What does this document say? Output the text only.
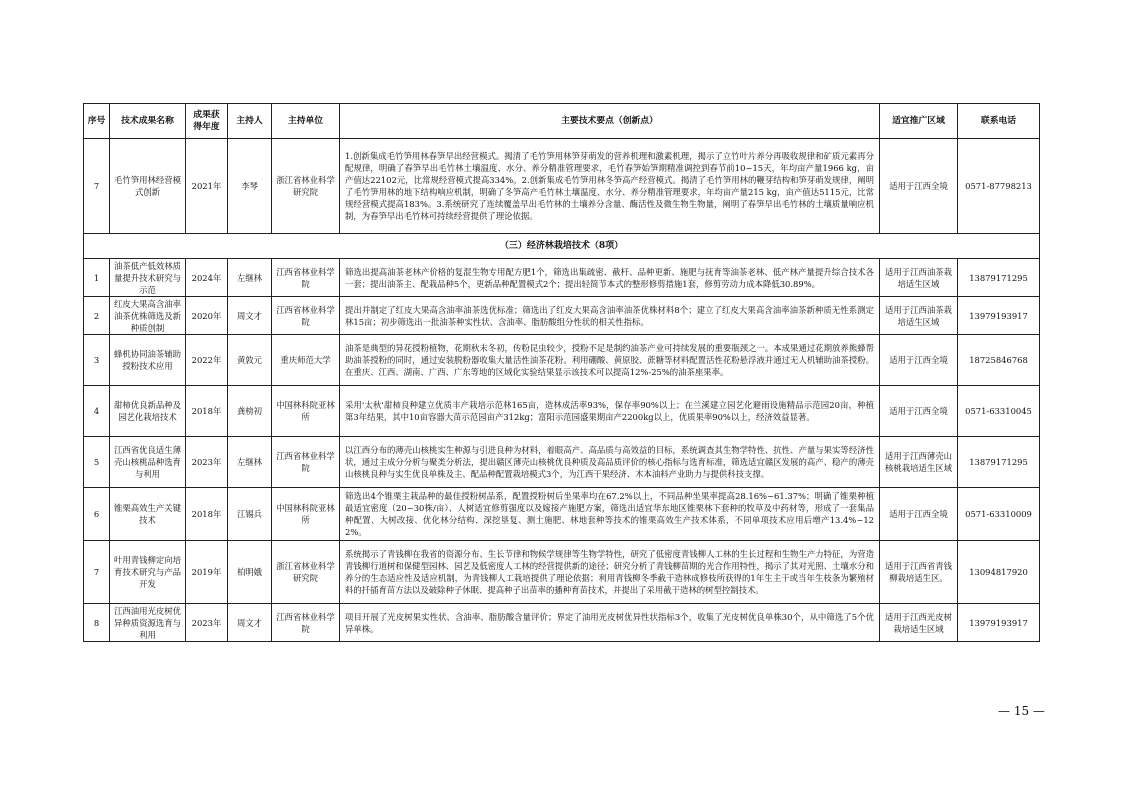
序号	技术成果名称	成果获得年度	主持人	主持单位	主要技术要点（创新点）	适宜推广区域	联系电话
7	毛竹笋用林经营模式创新	2021年	李琴	浙江省林业科学研究院	1.创新集成毛竹笋用林春笋早出经营模式。揭清了毛竹笋用林笋芽萌发的营养机理和激素机理，揭示了立竹叶片养分再吸收规律和矿质元素再分配规律，明确了春笋早出毛竹林土壤温度、水分、养分精准管理要求，毛竹春笋始笋期精准调控到春节前10~15天，年均亩产量1966 kg，亩产值达22102元，比常规经营模式提高334%。2.创新集成毛竹笋用林冬笋高产经营模式。揭清了毛竹笋用林的鞭芽结构和笋芽萌发规律，阐明了毛竹笋用林的地下结构响应机制，明确了冬笋高产毛竹林土壤温度、水分、养分精准管理要求，年均亩产量215 kg，亩产值达5115元，比常规经营模式提高183%。3.系统研究了连续覆盖早出毛竹林的土壤养分含量、酶活性及微生物生物量，阐明了春笋早出毛竹林的土壤质量响应机制，为春笋早出毛竹林可持续经营提供了理论依据。	适用于江西全境	0571-87798213
（三）经济林栽培技术（8项）							
1	油茶低产低效林质量提升技术研究与示范	2024年	左继林	江西省林业科学院	筛选出提高油茶老林产价格的复混生物专用配方肥1个，筛选出集疏密、截杆、品种更新、施肥与抚育等油茶老林、低产林产量提升综合技术各一套；提出油茶主、配栽品种5个，更新品种配置模式2个；提出轻简节本式的整形修剪措施1套，修剪劳动力成本降低30.89%。	适用于江西油茶栽培适生区域	13879171295
2	红皮大果高含油率油茶优株筛选及新种质创制	2020年	周文才	江西省林业科学院	提出并制定了红皮大果高含油率油茶选优标准；筛选出了红皮大果高含油率油茶优株材料8个；建立了红皮大果高含油率油茶新种质无性系测定林15亩；初步筛选出一批油茶种实性状、含油率、脂肪酸组分性状的相关性指标。	适用于江西油茶栽培适生区域	13979193917
3	蜂机协同油茶辅助授粉技术应用	2022年	黄敦元	重庆师范大学	油茶是典型的异花授粉植物，花期秋末冬初，传粉昆虫较少，授粉不足是制约油茶产业可持续发展的重要瓶颈之一。本成果通过花期放养熊蜂帮助油茶授粉的同时，通过安装脱粉器收集大量活性油茶花粉。利用硼酸、黄原胶、蔗糖等材料配置活性花粉悬浮液并通过无人机辅助油茶授粉。在重庆、江西、湖南、广西、广东等地的区域化实验结果显示该技术可以提高12%-25%的油茶座果率。	适用于江西全境	18725846768
4	甜柿优良新品种及园艺化栽培技术	2018年	龚榜初	中国林科院亚林所	采用'太秋'甜柿良种建立优质丰产栽培示范林165亩，造林成活率93%，保存率90%以上；在兰溪建立园艺化避雨设施精品示范园20亩，种植第3年结果，其中10亩容器大苗示范园亩产312kg；富阳示范园盛果期亩产2200kg以上，优质果率90%以上，经济效益显著。	适用于江西全境	0571-63310045
5	江西省优良适生薄壳山核桃品种选育与利用	2023年	左继林	江西省林业科学院	以江西分布的薄壳山核桃实生种源与引进良种为材料，着眼高产、高品质与高效益的目标，系统调查其生物学特性、抗性、产量与果实等经济性状，通过主成分分析与聚类分析法，提出赣区薄壳山核桃优良种质及高品质评价的核心指标与选育标准，筛选适宜赣区发展的高产、稳产的薄壳山核桃良种与实生优良单株及主、配品种配置栽培模式3个，为江西干果经济、木本油料产业助力与提供科技支撑。	适用于江西薄壳山核桃栽培适生区域	13879171295
6	锥栗高效生产关键技术	2018年	江锡兵	中国林科院亚林所	筛选出4个锥栗主栽品种的最佳授粉树品系，配置授粉树后坐果率均在67.2%以上，不同品种坐果率提高28.16%~61.37%；明确了锥栗种植最适宜密度（20~30株/亩）、人树适宜修剪强度以及嫁接产施肥方案，筛选出适宜华东地区锥栗林下套种的牧草及中药材等，形成了一套集品种配置、大树改接、优化林分结构、深挖垦复、测土施肥、林地套种等技术的锥栗高效生产技术体系，不同单项技术应用后增产13.4%~122%。	适用于江西全境	0571-63310009
7	叶用青钱柳定向培育技术研究与产品开发	2019年	柏明娥	浙江省林业科学研究院	系统揭示了青钱柳在我省的资源分布、生长节律和物候学规律等生物学特性，研究了低密度青钱柳人工林的生长过程和生物生产力特征，为营造青钱柳行道树和保健型园林、园艺及低密度人工林的经营提供新的途径；研究分析了青钱柳苗期的光合作用特性，揭示了其对光照、土壤水分和养分的生态适应性及适应机制，为青钱柳人工栽培提供了理论依据；利用青钱柳冬季截干造林成修枝所获得的1年生主干或当年生枝条为繁殖材料的扦插育苗方法以及破除种子休眠、提高种子出苗率的播种育苗技术，并提出了采用截干造林的树型控制技术。	适用于江西省青钱柳栽培适生区。	13094817920
8	江西油用光皮树优异种质资源选育与利用	2023年	周文才	江西省林业科学院	项目开展了光皮树果实性状、含油率、脂肪酸含量评价；界定了油用光皮树优异性状指标3个，收集了光皮树优良单株30个，从中筛选了5个优异单株。	适用于江西光皮树栽培适生区域	13979193917
— 15 —
